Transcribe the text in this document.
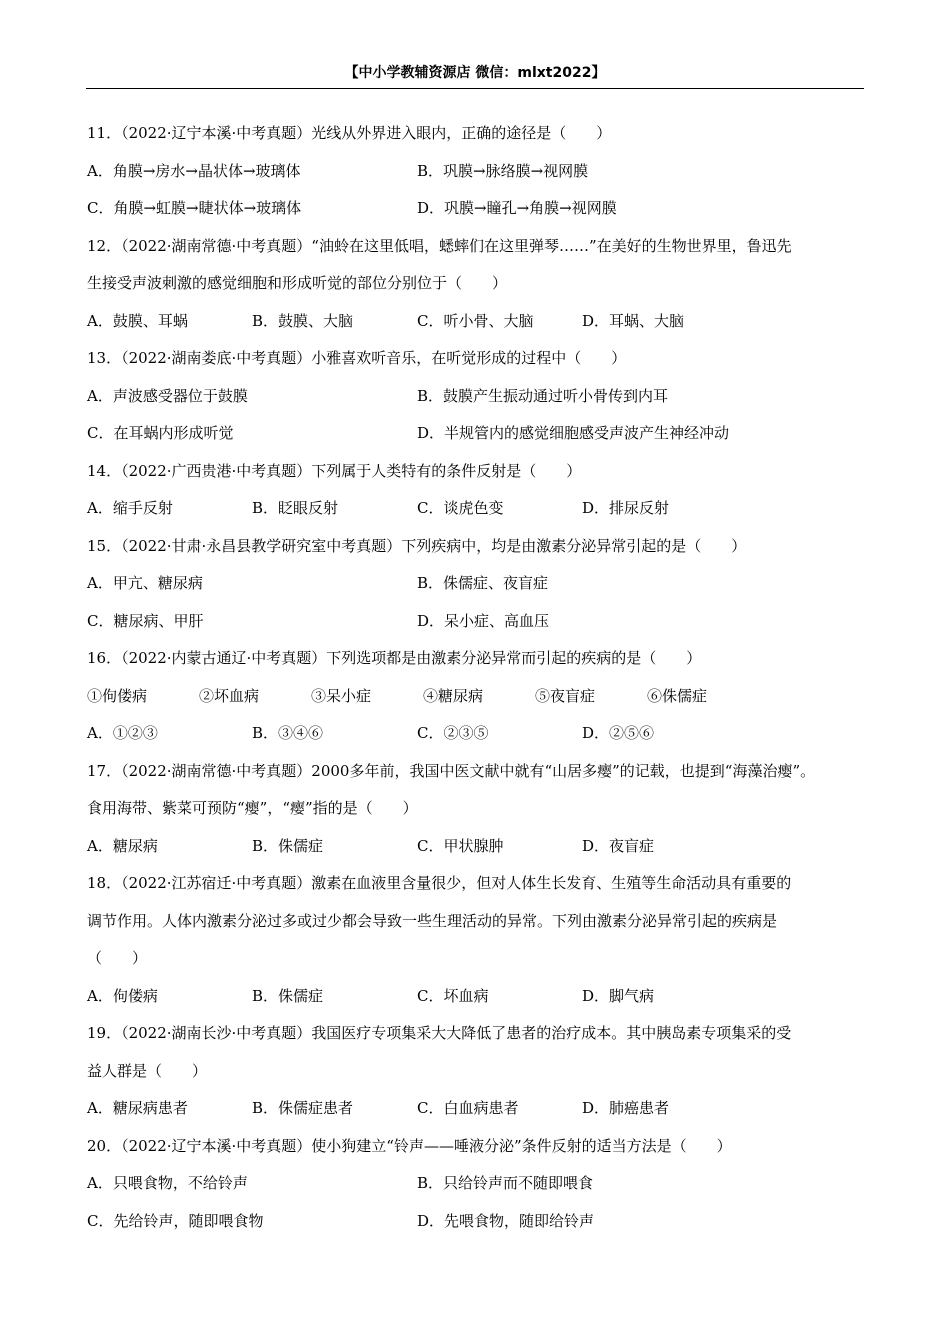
【中小学教辅资源店 微信：mlxt2022】
11．（2022·辽宁本溪·中考真题）光线从外界进入眼内，正确的途径是（　　）
A．角膜→房水→晶状体→玻璃体	B．巩膜→脉络膜→视网膜
C．角膜→虹膜→睫状体→玻璃体	D．巩膜→瞳孔→角膜→视网膜
12．（2022·湖南常德·中考真题）“油蛉在这里低唱，蟋蟀们在这里弹琴……”在美好的生物世界里，鲁迅先
生接受声波刺激的感觉细胞和形成听觉的部位分别位于（　　）
A．鼓膜、耳蜗	B．鼓膜、大脑	C．听小骨、大脑	D．耳蜗、大脑
13．（2022·湖南娄底·中考真题）小雅喜欢听音乐，在听觉形成的过程中（　　）
A．声波感受器位于鼓膜	B．鼓膜产生振动通过听小骨传到内耳
C．在耳蜗内形成听觉	D．半规管内的感觉细胞感受声波产生神经冲动
14．（2022·广西贵港·中考真题）下列属于人类特有的条件反射是（　　）
A．缩手反射	B．眨眼反射	C．谈虎色变	D．排尿反射
15．（2022·甘肃·永昌县教学研究室中考真题）下列疾病中，均是由激素分泌异常引起的是（　　）
A．甲亢、糖尿病	B．侏儒症、夜盲症
C．糖尿病、甲肝	D．呆小症、高血压
16．（2022·内蒙古通辽·中考真题）下列选项都是由激素分泌异常而引起的疾病的是（　　）
①佝偻病	②坏血病	③呆小症	④糖尿病	⑤夜盲症	⑥侏儒症
A．①②③	B．③④⑥	C．②③⑤	D．②⑤⑥
17．（2022·湖南常德·中考真题）2000多年前，我国中医文献中就有“山居多瘿”的记载，也提到“海藻治瘿”。
食用海带、紫菜可预防“瘿”，“瘿”指的是（　　）
A．糖尿病	B．侏儒症	C．甲状腺肿	D．夜盲症
18．（2022·江苏宿迁·中考真题）激素在血液里含量很少，但对人体生长发育、生殖等生命活动具有重要的
调节作用。人体内激素分泌过多或过少都会导致一些生理活动的异常。下列由激素分泌异常引起的疾病是
（　　）
A．佝偻病	B．侏儒症	C．坏血病	D．脚气病
19．（2022·湖南长沙·中考真题）我国医疗专项集采大大降低了患者的治疗成本。其中胰岛素专项集采的受
益人群是（　　）
A．糖尿病患者	B．侏儒症患者	C．白血病患者	D．肺癌患者
20．（2022·辽宁本溪·中考真题）使小狗建立“铃声——唾液分泌”条件反射的适当方法是（　　）
A．只喂食物，不给铃声	B．只给铃声而不随即喂食
C．先给铃声，随即喂食物	D．先喂食物，随即给铃声
